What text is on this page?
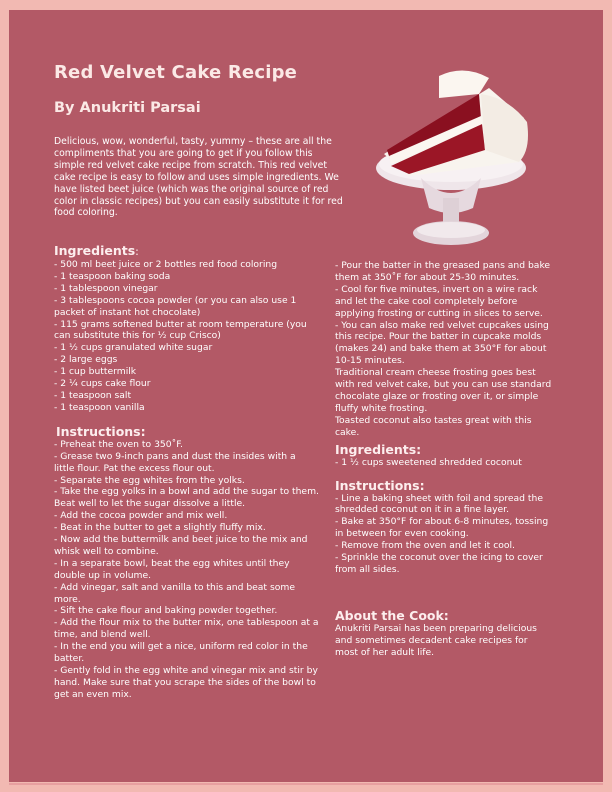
Red Velvet Cake Recipe
By Anukriti Parsai

Delicious, wow, wonderful, tasty, yummy – these are all the compliments that you are going to get if you follow this simple red velvet cake recipe from scratch. This red velvet cake recipe is easy to follow and uses simple ingredients. We have listed beet juice (which was the original source of red color in classic recipes) but you can easily substitute it for red food coloring.

Ingredients:
- 500 ml beet juice or 2 bottles red food coloring
- 1 teaspoon baking soda
- 1 tablespoon vinegar
- 3 tablespoons cocoa powder (or you can also use 1 packet of instant hot chocolate)
- 115 grams softened butter at room temperature (you can substitute this for ½ cup Crisco)
- 1 ½ cups granulated white sugar
- 2 large eggs
- 1 cup buttermilk
- 2 ¼ cups cake flour
- 1 teaspoon salt
- 1 teaspoon vanilla
Instructions:
- Preheat the oven to 350˚F.
- Grease two 9-inch pans and dust the insides with a little flour. Pat the excess flour out.
- Separate the egg whites from the yolks.
- Take the egg yolks in a bowl and add the sugar to them. Beat well to let the sugar dissolve a little.
- Add the cocoa powder and mix well.
- Beat in the butter to get a slightly fluffy mix.
- Now add the buttermilk and beet juice to the mix and whisk well to combine.
- In a separate bowl, beat the egg whites until they double up in volume.
- Add vinegar, salt and vanilla to this and beat some more.
- Sift the cake flour and baking powder together.
- Add the flour mix to the butter mix, one tablespoon at a time, and blend well.
- In the end you will get a nice, uniform red color in the batter.
- Gently fold in the egg white and vinegar mix and stir by hand. Make sure that you scrape the sides of the bowl to get an even mix.
- Pour the batter in the greased pans and bake them at 350˚F for about 25-30 minutes.
- Cool for five minutes, invert on a wire rack and let the cake cool completely before applying frosting or cutting in slices to serve.
- You can also make red velvet cupcakes using this recipe. Pour the batter in cupcake molds (makes 24) and bake them at 350°F for about 10-15 minutes.
Traditional cream cheese frosting goes best with red velvet cake, but you can use standard chocolate glaze or frosting over it, or simple fluffy white frosting.
Toasted coconut also tastes great with this cake.
Ingredients:
- 1 ½ cups sweetened shredded coconut
Instructions:
- Line a baking sheet with foil and spread the shredded coconut on it in a fine layer.
- Bake at 350°F for about 6-8 minutes, tossing in between for even cooking.
- Remove from the oven and let it cool.
- Sprinkle the coconut over the icing to cover from all sides.
About the Cook:

Anukriti Parsai has been preparing delicious and sometimes decadent cake recipes for most of her adult life.
